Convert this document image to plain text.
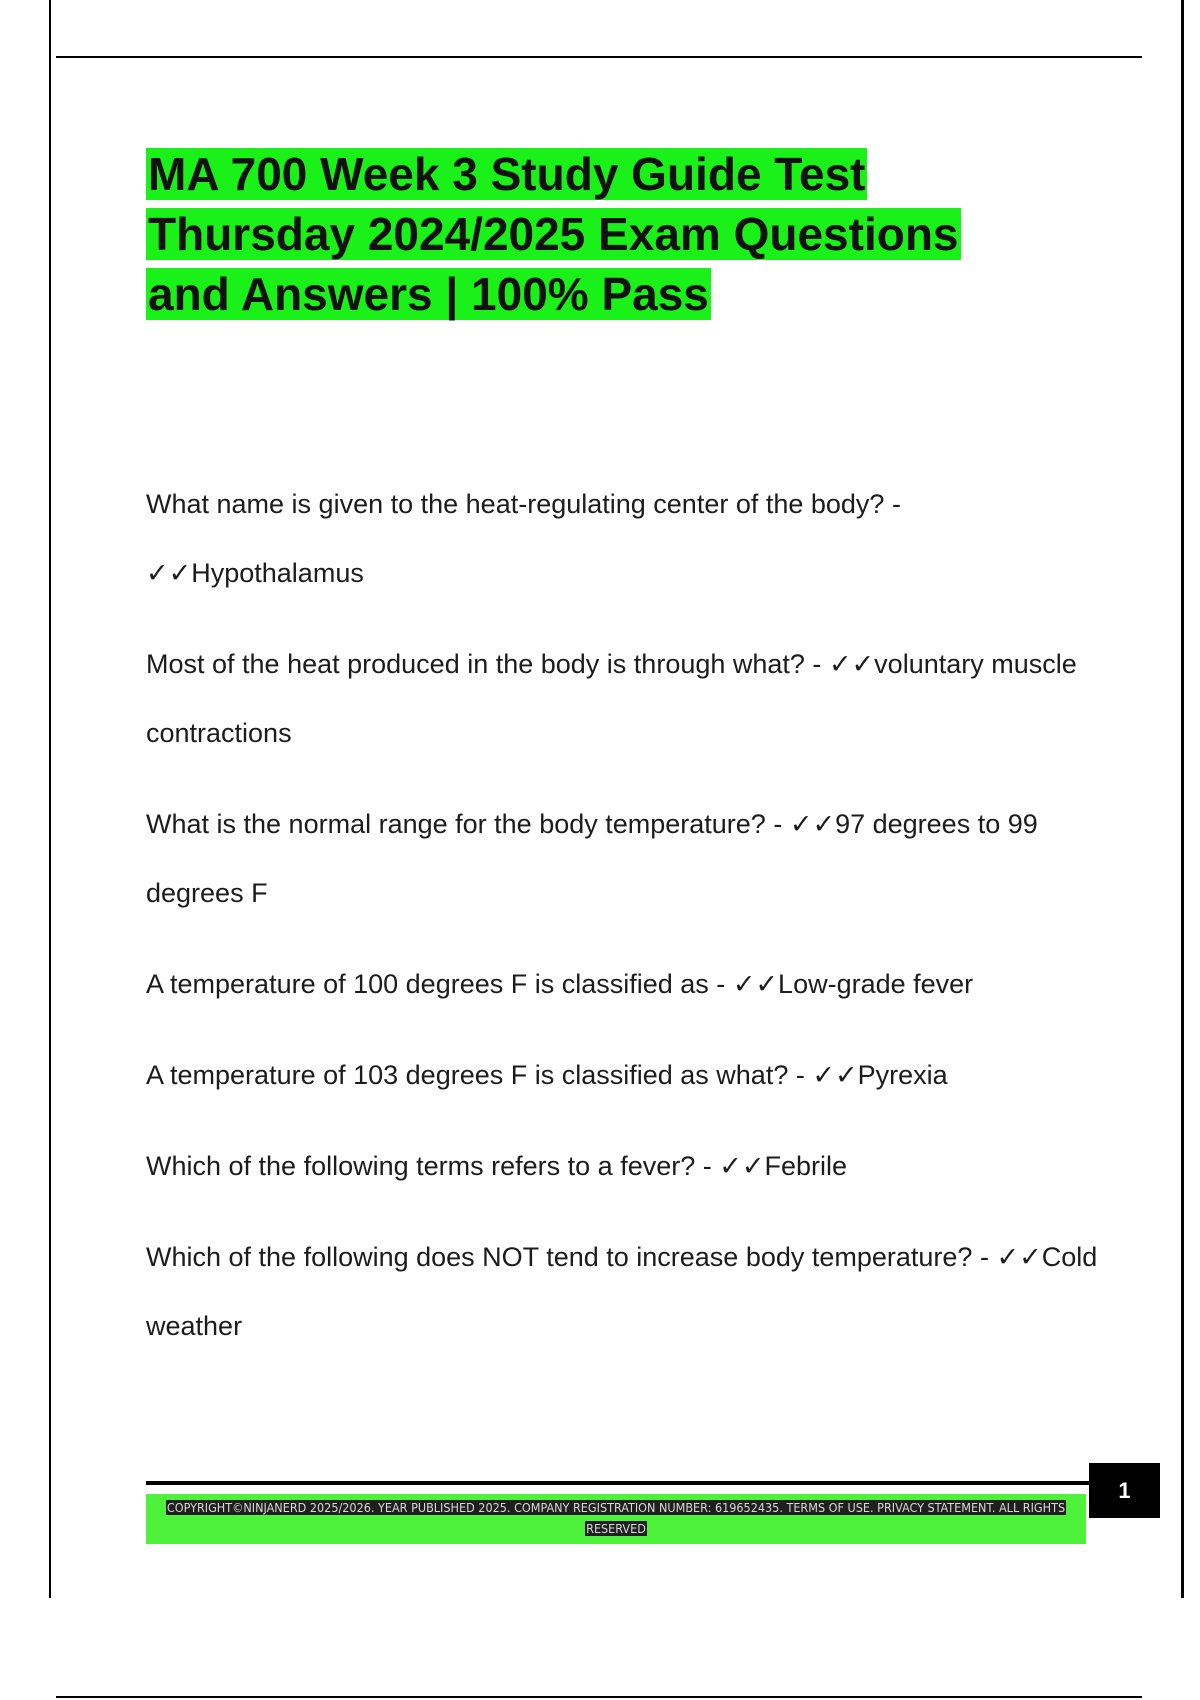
MA 700 Week 3 Study Guide Test Thursday 2024/2025 Exam Questions and Answers | 100% Pass

What name is given to the heat-regulating center of the body? - ✓✓Hypothalamus

Most of the heat produced in the body is through what? - ✓✓voluntary muscle contractions

What is the normal range for the body temperature? - ✓✓97 degrees to 99 degrees F

A temperature of 100 degrees F is classified as - ✓✓Low-grade fever

A temperature of 103 degrees F is classified as what? - ✓✓Pyrexia

Which of the following terms refers to a fever? - ✓✓Febrile

Which of the following does NOT tend to increase body temperature? - ✓✓Cold weather

1
COPYRIGHT©NINJANERD 2025/2026. YEAR PUBLISHED 2025. COMPANY REGISTRATION NUMBER: 619652435. TERMS OF USE. PRIVACY STATEMENT. ALL RIGHTS RESERVED
